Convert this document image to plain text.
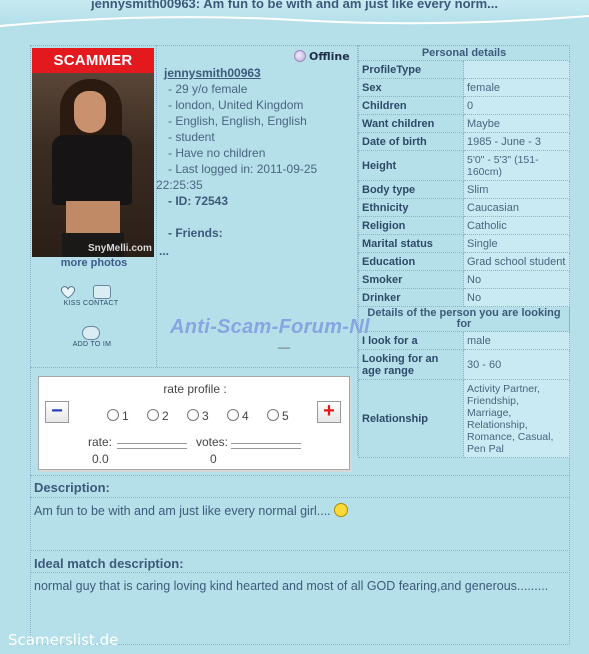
jennysmith00963: Am fun to be with and am just like every norm...
SCAMMER
SnyMelli.com
more photos
KISS CONTACT
ADD TO IM
Offline
jennysmith00963
- 29 y/o female
- london, United Kingdom
- English, English, English
- student
- Have no children
- Last logged in: 2011-09-25
22:25:35
- ID: 72543
- Friends:
...
—
Anti-Scam-Forum-Nl
Personal details	
ProfileType	
Sex	female
Children	0
Want children	Maybe
Date of birth	1985 - June - 3
Height	5'0" - 5'3" (151-160cm)
Body type	Slim
Ethnicity	Caucasian
Religion	Catholic
Marital status	Single
Education	Grad school student
Smoker	No
Drinker	No
Details of the person you are looking for	
I look for a	male
Looking for an age range	30 - 60
Relationship	Activity Partner, Friendship, Marriage, Relationship, Romance, Casual, Pen Pal
rate profile :
−	+
1	2	3	4	5
rate:
0.0
votes:
0
Description:
Am fun to be with and am just like every normal girl....
Ideal match description:
normal guy that is caring loving kind hearted and most of all GOD fearing,and generous.........
Scamerslist.de
